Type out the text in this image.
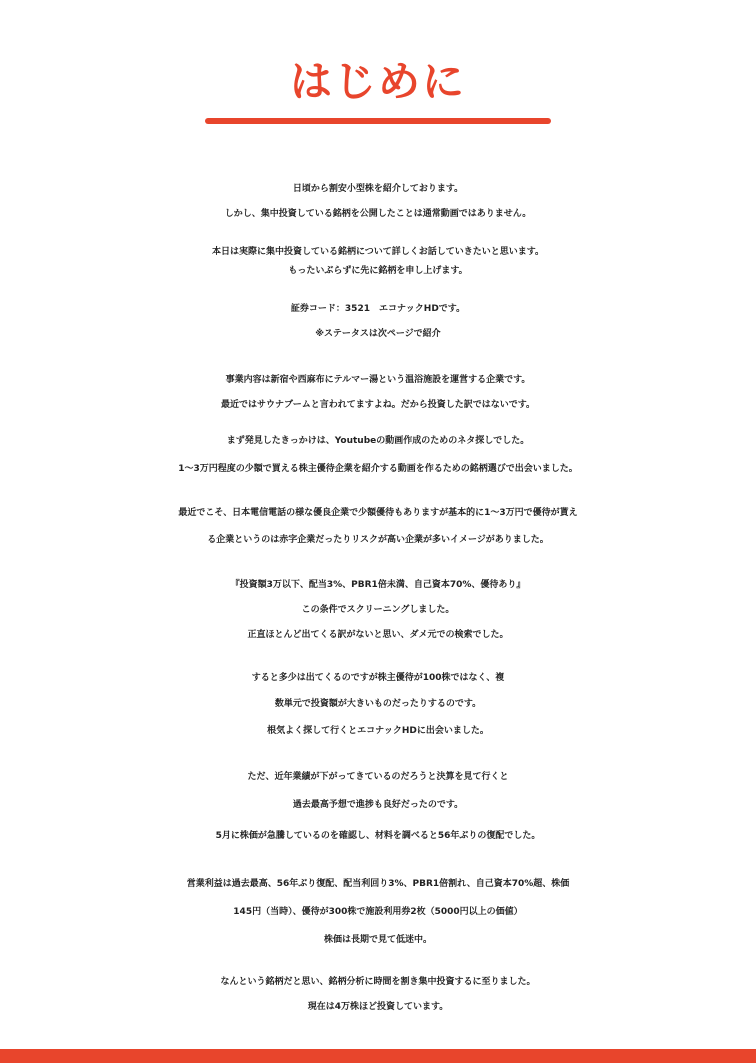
はじめに
日頃から割安小型株を紹介しております。
しかし、集中投資している銘柄を公開したことは通常動画ではありません。
本日は実際に集中投資している銘柄について詳しくお話していきたいと思います。
もったいぶらずに先に銘柄を申し上げます。
証券コード：3521　エコナックHDです。
※ステータスは次ページで紹介
事業内容は新宿や西麻布にテルマー湯という温浴施設を運営する企業です。
最近ではサウナブームと言われてますよね。だから投資した訳ではないです。
まず発見したきっかけは、Youtubeの動画作成のためのネタ探しでした。
1～3万円程度の少額で買える株主優待企業を紹介する動画を作るための銘柄選びで出会いました。
最近でこそ、日本電信電話の様な優良企業で少額優待もありますが基本的に1～3万円で優待が貰え
る企業というのは赤字企業だったりリスクが高い企業が多いイメージがありました。
『投資額3万以下、配当3%、PBR1倍未満、自己資本70%、優待あり』
この条件でスクリーニングしました。
正直ほとんど出てくる訳がないと思い、ダメ元での検索でした。
すると多少は出てくるのですが株主優待が100株ではなく、複
数単元で投資額が大きいものだったりするのです。
根気よく探して行くとエコナックHDに出会いました。
ただ、近年業績が下がってきているのだろうと決算を見て行くと
過去最高予想で進捗も良好だったのです。
5月に株価が急騰しているのを確認し、材料を調べると56年ぶりの復配でした。
営業利益は過去最高、56年ぶり復配、配当利回り3%、PBR1倍割れ、自己資本70%超、株価
145円（当時）、優待が300株で施設利用券2枚（5000円以上の価値）
株価は長期で見て低迷中。
なんという銘柄だと思い、銘柄分析に時間を割き集中投資するに至りました。
現在は4万株ほど投資しています。
